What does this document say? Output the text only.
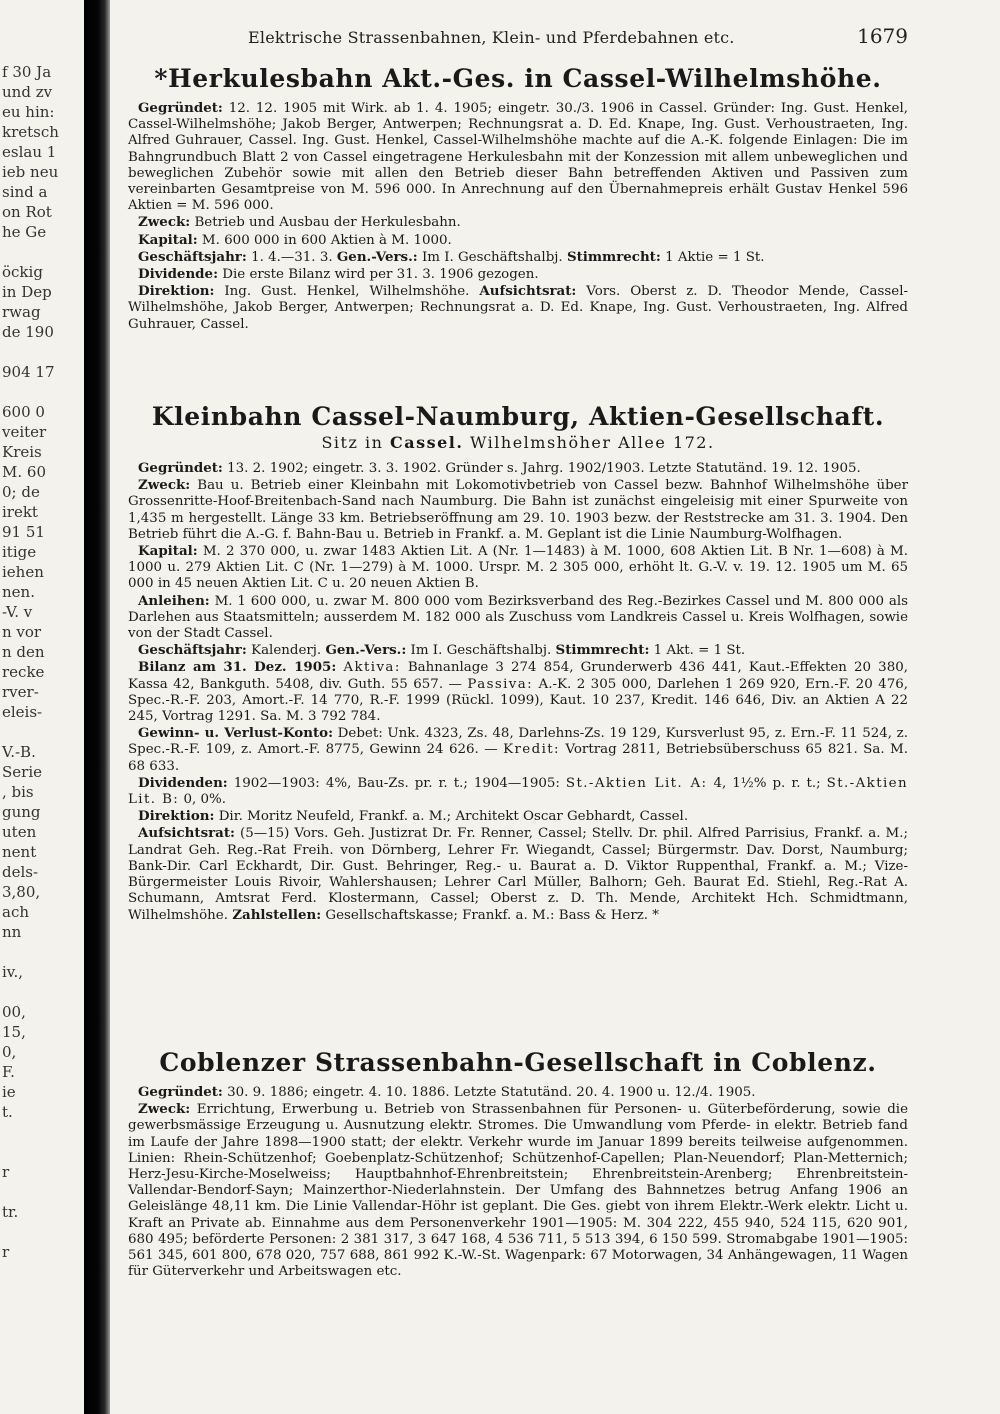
f 30 Ja
und zv
eu hin:
kretsch
eslau 1
ieb neu
sind a
on Rot
he Ge
öckig
in Dep
rwag
de 190
904 17
600 0
veiter
Kreis
M. 60
0; de
irekt
91 51
itige
iehen
nen.
-V. v
n vor
n den
recke
rver-
eleis-
V.-B.
Serie
, bis
gung
uten
nent
dels-
3,80,
ach
nn
iv.,
00,
15,
0,
F.
ie
t.
r
tr.
r
Elektrische Strassenbahnen, Klein- und Pferdebahnen etc.	1679
*Herkulesbahn Akt.-Ges. in Cassel-Wilhelmshöhe.

Gegründet: 12. 12. 1905 mit Wirk. ab 1. 4. 1905; eingetr. 30./3. 1906 in Cassel. Gründer: Ing. Gust. Henkel, Cassel-Wilhelmshöhe; Jakob Berger, Antwerpen; Rechnungsrat a. D. Ed. Knape, Ing. Gust. Verhoustraeten, Ing. Alfred Guhrauer, Cassel. Ing. Gust. Henkel, Cassel-Wilhelmshöhe machte auf die A.-K. folgende Einlagen: Die im Bahngrundbuch Blatt 2 von Cassel eingetragene Herkulesbahn mit der Konzession mit allem unbeweglichen und beweglichen Zubehör sowie mit allen den Betrieb dieser Bahn betreffenden Aktiven und Passiven zum vereinbarten Gesamtpreise von M. 596 000. In Anrechnung auf den Übernahmepreis erhält Gustav Henkel 596 Aktien = M. 596 000.

Zweck: Betrieb und Ausbau der Herkulesbahn.

Kapital: M. 600 000 in 600 Aktien à M. 1000.

Geschäftsjahr: 1. 4.—31. 3. Gen.-Vers.: Im I. Geschäftshalbj. Stimmrecht: 1 Aktie = 1 St.

Dividende: Die erste Bilanz wird per 31. 3. 1906 gezogen.

Direktion: Ing. Gust. Henkel, Wilhelmshöhe. Aufsichtsrat: Vors. Oberst z. D. Theodor Mende, Cassel-Wilhelmshöhe, Jakob Berger, Antwerpen; Rechnungsrat a. D. Ed. Knape, Ing. Gust. Verhoustraeten, Ing. Alfred Guhrauer, Cassel.

Kleinbahn Cassel-Naumburg, Aktien-Gesellschaft.
Sitz in Cassel. Wilhelmshöher Allee 172.

Gegründet: 13. 2. 1902; eingetr. 3. 3. 1902. Gründer s. Jahrg. 1902/1903. Letzte Statutänd. 19. 12. 1905.

Zweck: Bau u. Betrieb einer Kleinbahn mit Lokomotivbetrieb von Cassel bezw. Bahnhof Wilhelmshöhe über Grossenritte-Hoof-Breitenbach-Sand nach Naumburg. Die Bahn ist zunächst eingeleisig mit einer Spurweite von 1,435 m hergestellt. Länge 33 km. Betriebseröffnung am 29. 10. 1903 bezw. der Reststrecke am 31. 3. 1904. Den Betrieb führt die A.-G. f. Bahn-Bau u. Betrieb in Frankf. a. M. Geplant ist die Linie Naumburg-Wolfhagen.

Kapital: M. 2 370 000, u. zwar 1483 Aktien Lit. A (Nr. 1—1483) à M. 1000, 608 Aktien Lit. B Nr. 1—608) à M. 1000 u. 279 Aktien Lit. C (Nr. 1—279) à M. 1000. Urspr. M. 2 305 000, erhöht lt. G.-V. v. 19. 12. 1905 um M. 65 000 in 45 neuen Aktien Lit. C u. 20 neuen Aktien B.

Anleihen: M. 1 600 000, u. zwar M. 800 000 vom Bezirksverband des Reg.-Bezirkes Cassel und M. 800 000 als Darlehen aus Staatsmitteln; ausserdem M. 182 000 als Zuschuss vom Landkreis Cassel u. Kreis Wolfhagen, sowie von der Stadt Cassel.

Geschäftsjahr: Kalenderj. Gen.-Vers.: Im I. Geschäftshalbj. Stimmrecht: 1 Akt. = 1 St.

Bilanz am 31. Dez. 1905: Aktiva: Bahnanlage 3 274 854, Grunderwerb 436 441, Kaut.-Effekten 20 380, Kassa 42, Bankguth. 5408, div. Guth. 55 657. — Passiva: A.-K. 2 305 000, Darlehen 1 269 920, Ern.-F. 20 476, Spec.-R.-F. 203, Amort.-F. 14 770, R.-F. 1999 (Rückl. 1099), Kaut. 10 237, Kredit. 146 646, Div. an Aktien A 22 245, Vortrag 1291. Sa. M. 3 792 784.

Gewinn- u. Verlust-Konto: Debet: Unk. 4323, Zs. 48, Darlehns-Zs. 19 129, Kursverlust 95, z. Ern.-F. 11 524, z. Spec.-R.-F. 109, z. Amort.-F. 8775, Gewinn 24 626. — Kredit: Vortrag 2811, Betriebsüberschuss 65 821. Sa. M. 68 633.

Dividenden: 1902—1903: 4%, Bau-Zs. pr. r. t.; 1904—1905: St.-Aktien Lit. A: 4, 1½% p. r. t.; St.-Aktien Lit. B: 0, 0%.

Direktion: Dir. Moritz Neufeld, Frankf. a. M.; Architekt Oscar Gebhardt, Cassel.

Aufsichtsrat: (5—15) Vors. Geh. Justizrat Dr. Fr. Renner, Cassel; Stellv. Dr. phil. Alfred Parrisius, Frankf. a. M.; Landrat Geh. Reg.-Rat Freih. von Dörnberg, Lehrer Fr. Wiegandt, Cassel; Bürgermstr. Dav. Dorst, Naumburg; Bank-Dir. Carl Eckhardt, Dir. Gust. Behringer, Reg.- u. Baurat a. D. Viktor Ruppenthal, Frankf. a. M.; Vize-Bürgermeister Louis Rivoir, Wahlershausen; Lehrer Carl Müller, Balhorn; Geh. Baurat Ed. Stiehl, Reg.-Rat A. Schumann, Amtsrat Ferd. Klostermann, Cassel; Oberst z. D. Th. Mende, Architekt Hch. Schmidtmann, Wilhelmshöhe. Zahlstellen: Gesellschaftskasse; Frankf. a. M.: Bass & Herz. *

Coblenzer Strassenbahn-Gesellschaft in Coblenz.

Gegründet: 30. 9. 1886; eingetr. 4. 10. 1886. Letzte Statutänd. 20. 4. 1900 u. 12./4. 1905.

Zweck: Errichtung, Erwerbung u. Betrieb von Strassenbahnen für Personen- u. Güterbeförderung, sowie die gewerbsmässige Erzeugung u. Ausnutzung elektr. Stromes. Die Umwandlung vom Pferde- in elektr. Betrieb fand im Laufe der Jahre 1898—1900 statt; der elektr. Verkehr wurde im Januar 1899 bereits teilweise aufgenommen. Linien: Rhein-Schützenhof; Goebenplatz-Schützenhof; Schützenhof-Capellen; Plan-Neuendorf; Plan-Metternich; Herz-Jesu-Kirche-Moselweiss; Hauptbahnhof-Ehrenbreitstein; Ehrenbreitstein-Arenberg; Ehrenbreitstein-Vallendar-Bendorf-Sayn; Mainzerthor-Niederlahnstein. Der Umfang des Bahnnetzes betrug Anfang 1906 an Geleislänge 48,11 km. Die Linie Vallendar-Höhr ist geplant. Die Ges. giebt von ihrem Elektr.-Werk elektr. Licht u. Kraft an Private ab. Einnahme aus dem Personenverkehr 1901—1905: M. 304 222, 455 940, 524 115, 620 901, 680 495; beförderte Personen: 2 381 317, 3 647 168, 4 536 711, 5 513 394, 6 150 599. Stromabgabe 1901—1905: 561 345, 601 800, 678 020, 757 688, 861 992 K.-W.-St. Wagenpark: 67 Motorwagen, 34 Anhängewagen, 11 Wagen für Güterverkehr und Arbeitswagen etc.
